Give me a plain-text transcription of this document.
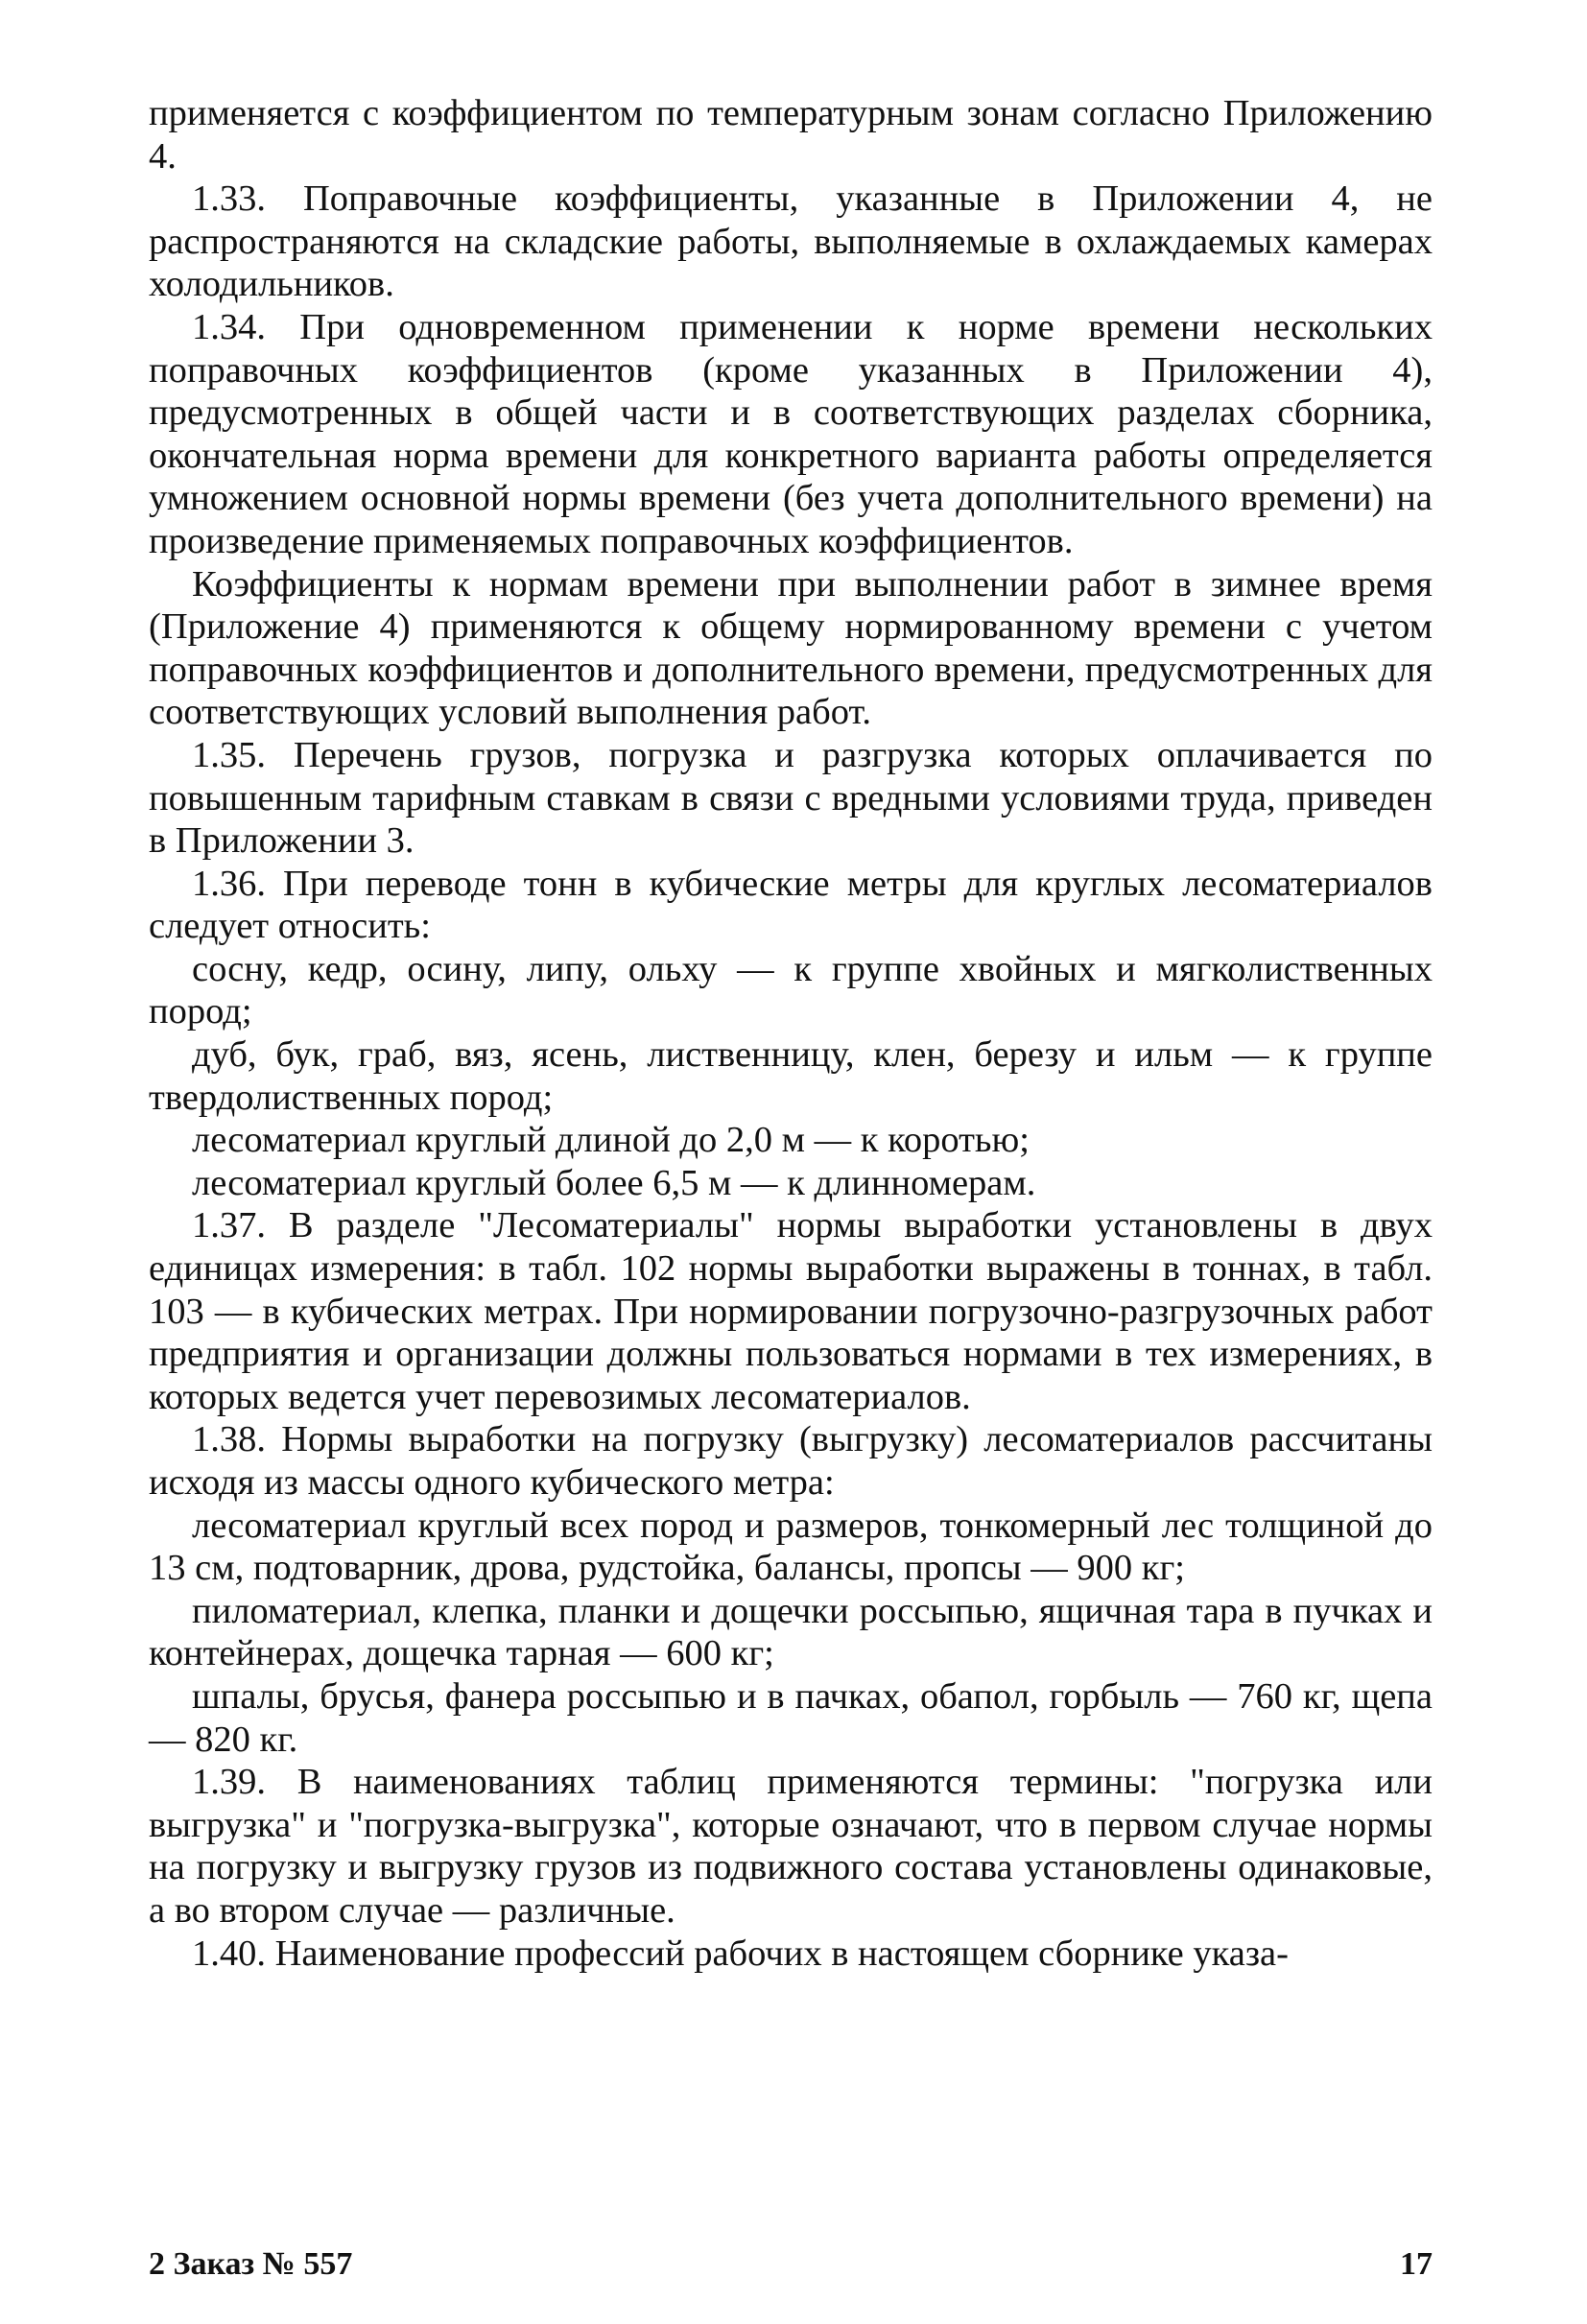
применяется с коэффициентом по температурным зонам согласно Приложению 4.

1.33. Поправочные коэффициенты, указанные в Приложении 4, не распространяются на складские работы, выполняемые в охлаждаемых камерах холодильников.

1.34. При одновременном применении к норме времени нескольких поправочных коэффициентов (кроме указанных в Приложении 4), предусмотренных в общей части и в соответствующих разделах сборника, окончательная норма времени для конкретного варианта работы определяется умножением основной нормы времени (без учета дополнительного времени) на произведение применяемых поправочных коэффициентов.

Коэффициенты к нормам времени при выполнении работ в зимнее время (Приложение 4) применяются к общему нормированному времени с учетом поправочных коэффициентов и дополнительного времени, предусмотренных для соответствующих условий выполнения работ.

1.35. Перечень грузов, погрузка и разгрузка которых оплачивается по повышенным тарифным ставкам в связи с вредными условиями труда, приведен в Приложении 3.

1.36. При переводе тонн в кубические метры для круглых лесоматериалов следует относить:

сосну, кедр, осину, липу, ольху — к группе хвойных и мягколиственных пород;

дуб, бук, граб, вяз, ясень, лиственницу, клен, березу и ильм — к группе твердолиственных пород;

лесоматериал круглый длиной до 2,0 м — к коротью;

лесоматериал круглый более 6,5 м — к длинномерам.

1.37. В разделе "Лесоматериалы" нормы выработки установлены в двух единицах измерения: в табл. 102 нормы выработки выражены в тоннах, в табл. 103 — в кубических метрах. При нормировании погрузочно-разгрузочных работ предприятия и организации должны пользоваться нормами в тех измерениях, в которых ведется учет перевозимых лесоматериалов.

1.38. Нормы выработки на погрузку (выгрузку) лесоматериалов рассчитаны исходя из массы одного кубического метра:

лесоматериал круглый всех пород и размеров, тонкомерный лес толщиной до 13 см, подтоварник, дрова, рудстойка, балансы, пропсы — 900 кг;

пиломатериал, клепка, планки и дощечки россыпью, ящичная тара в пучках и контейнерах, дощечка тарная — 600 кг;

шпалы, брусья, фанера россыпью и в пачках, обапол, горбыль — 760 кг, щепа — 820 кг.

1.39. В наименованиях таблиц применяются термины: "погрузка или выгрузка" и "погрузка-выгрузка", которые означают, что в первом случае нормы на погрузку и выгрузку грузов из подвижного состава установлены одинаковые, а во втором случае — различные.

1.40. Наименование профессий рабочих в настоящем сборнике указа-

2 Заказ № 557	17
